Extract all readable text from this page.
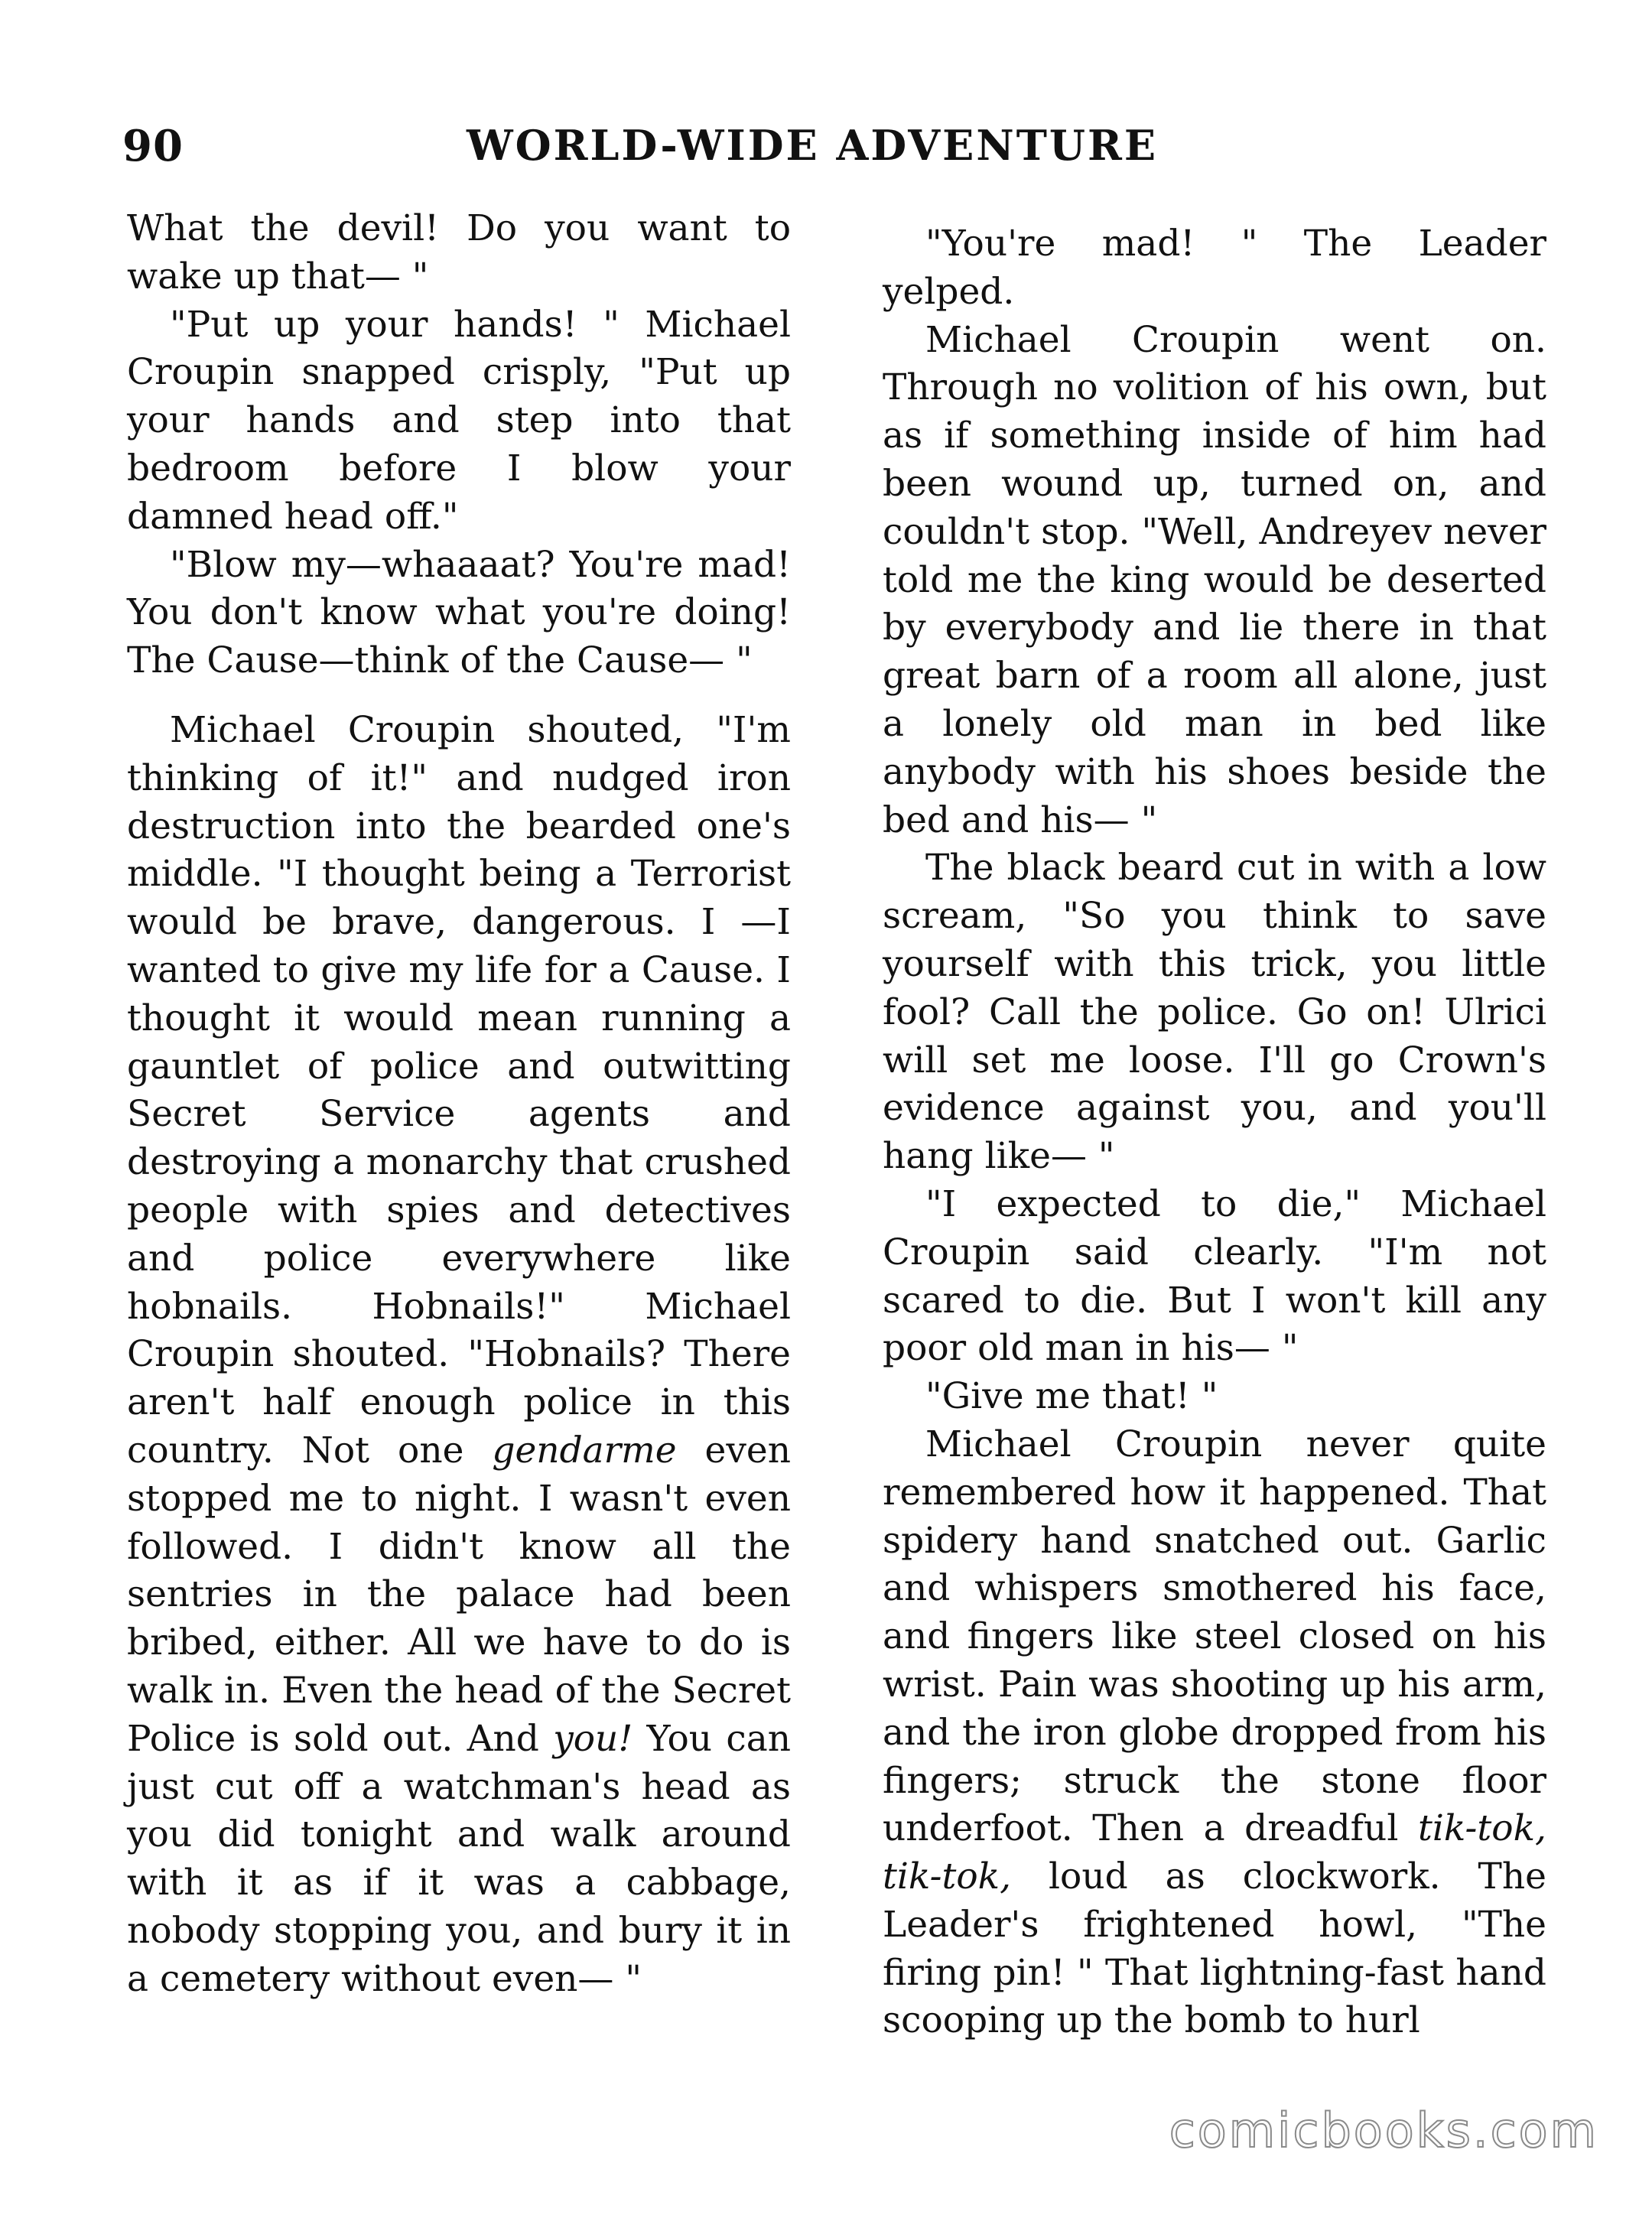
90	WORLD-WIDE ADVENTURE

What the devil! Do you want to wake up that— "

"Put up your hands! " Michael Croupin snapped crisply, "Put up your hands and step into that bedroom before I blow your damned head off."

"Blow my—whaaaat? You're mad! You don't know what you're doing! The Cause—think of the Cause— "

Michael Croupin shouted, "I'm thinking of it!" and nudged iron destruction into the bearded one's middle. "I thought being a Terrorist would be brave, dangerous. I —I wanted to give my life for a Cause. I thought it would mean running a gauntlet of police and outwitting Secret Service agents and destroying a monarchy that crushed people with spies and detectives and police everywhere like hobnails. Hobnails!" Michael Croupin shouted. "Hobnails? There aren't half enough police in this country. Not one gendarme even stopped me to night. I wasn't even followed. I didn't know all the sentries in the palace had been bribed, either. All we have to do is walk in. Even the head of the Secret Police is sold out. And you! You can just cut off a watchman's head as you did tonight and walk around with it as if it was a cabbage, nobody stopping you, and bury it in a cemetery without even— "

"You're mad! " The Leader yelped.

Michael Croupin went on. Through no volition of his own, but as if something inside of him had been wound up, turned on, and couldn't stop. "Well, Andreyev never told me the king would be deserted by everybody and lie there in that great barn of a room all alone, just a lonely old man in bed like anybody with his shoes beside the bed and his— "

The black beard cut in with a low scream, "So you think to save yourself with this trick, you little fool? Call the police. Go on! Ulrici will set me loose. I'll go Crown's evidence against you, and you'll hang like— "

"I expected to die," Michael Croupin said clearly. "I'm not scared to die. But I won't kill any poor old man in his— "

"Give me that! "

Michael Croupin never quite remembered how it happened. That spidery hand snatched out. Garlic and whispers smothered his face, and fingers like steel closed on his wrist. Pain was shooting up his arm, and the iron globe dropped from his fingers; struck the stone floor underfoot. Then a dreadful tik-tok, tik-tok, loud as clockwork. The Leader's frightened howl, "The firing pin! " That lightning-fast hand scooping up the bomb to hurl

comicbooks.com
